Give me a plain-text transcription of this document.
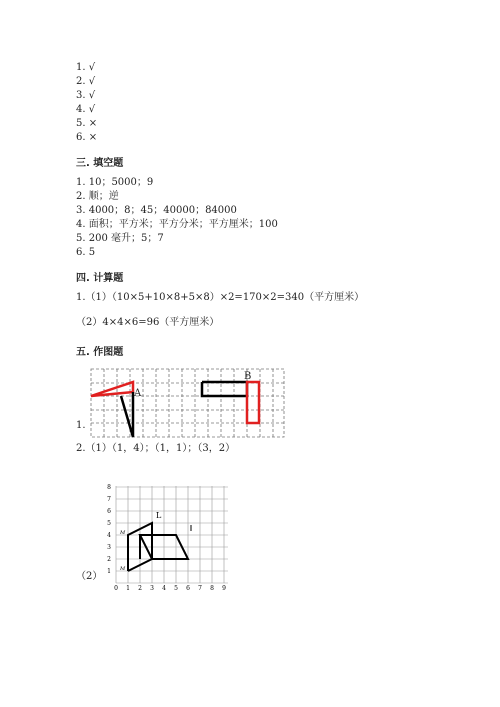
1. √
2. √
3. √
4. √
5. ×
6. ×
三. 填空题
1. 10；5000；9
2. 顺；逆
3. 4000；8；45；40000；84000
4. 面积；平方米；平方分米；平方厘米；100
5. 200 毫升；5；7
6. 5
四. 计算题
1.（1）（10×5+10×8+5×8）×2=170×2=340（平方厘米）
（2）4×4×6=96（平方厘米）
五. 作图题
A
B
1.
2.（1）（1，4）；（1，1）；（3，2）
0 1 2 3 4 5 6 7 8 9
1
2
3
4
5
6
7
8
L
M
M
（2）
